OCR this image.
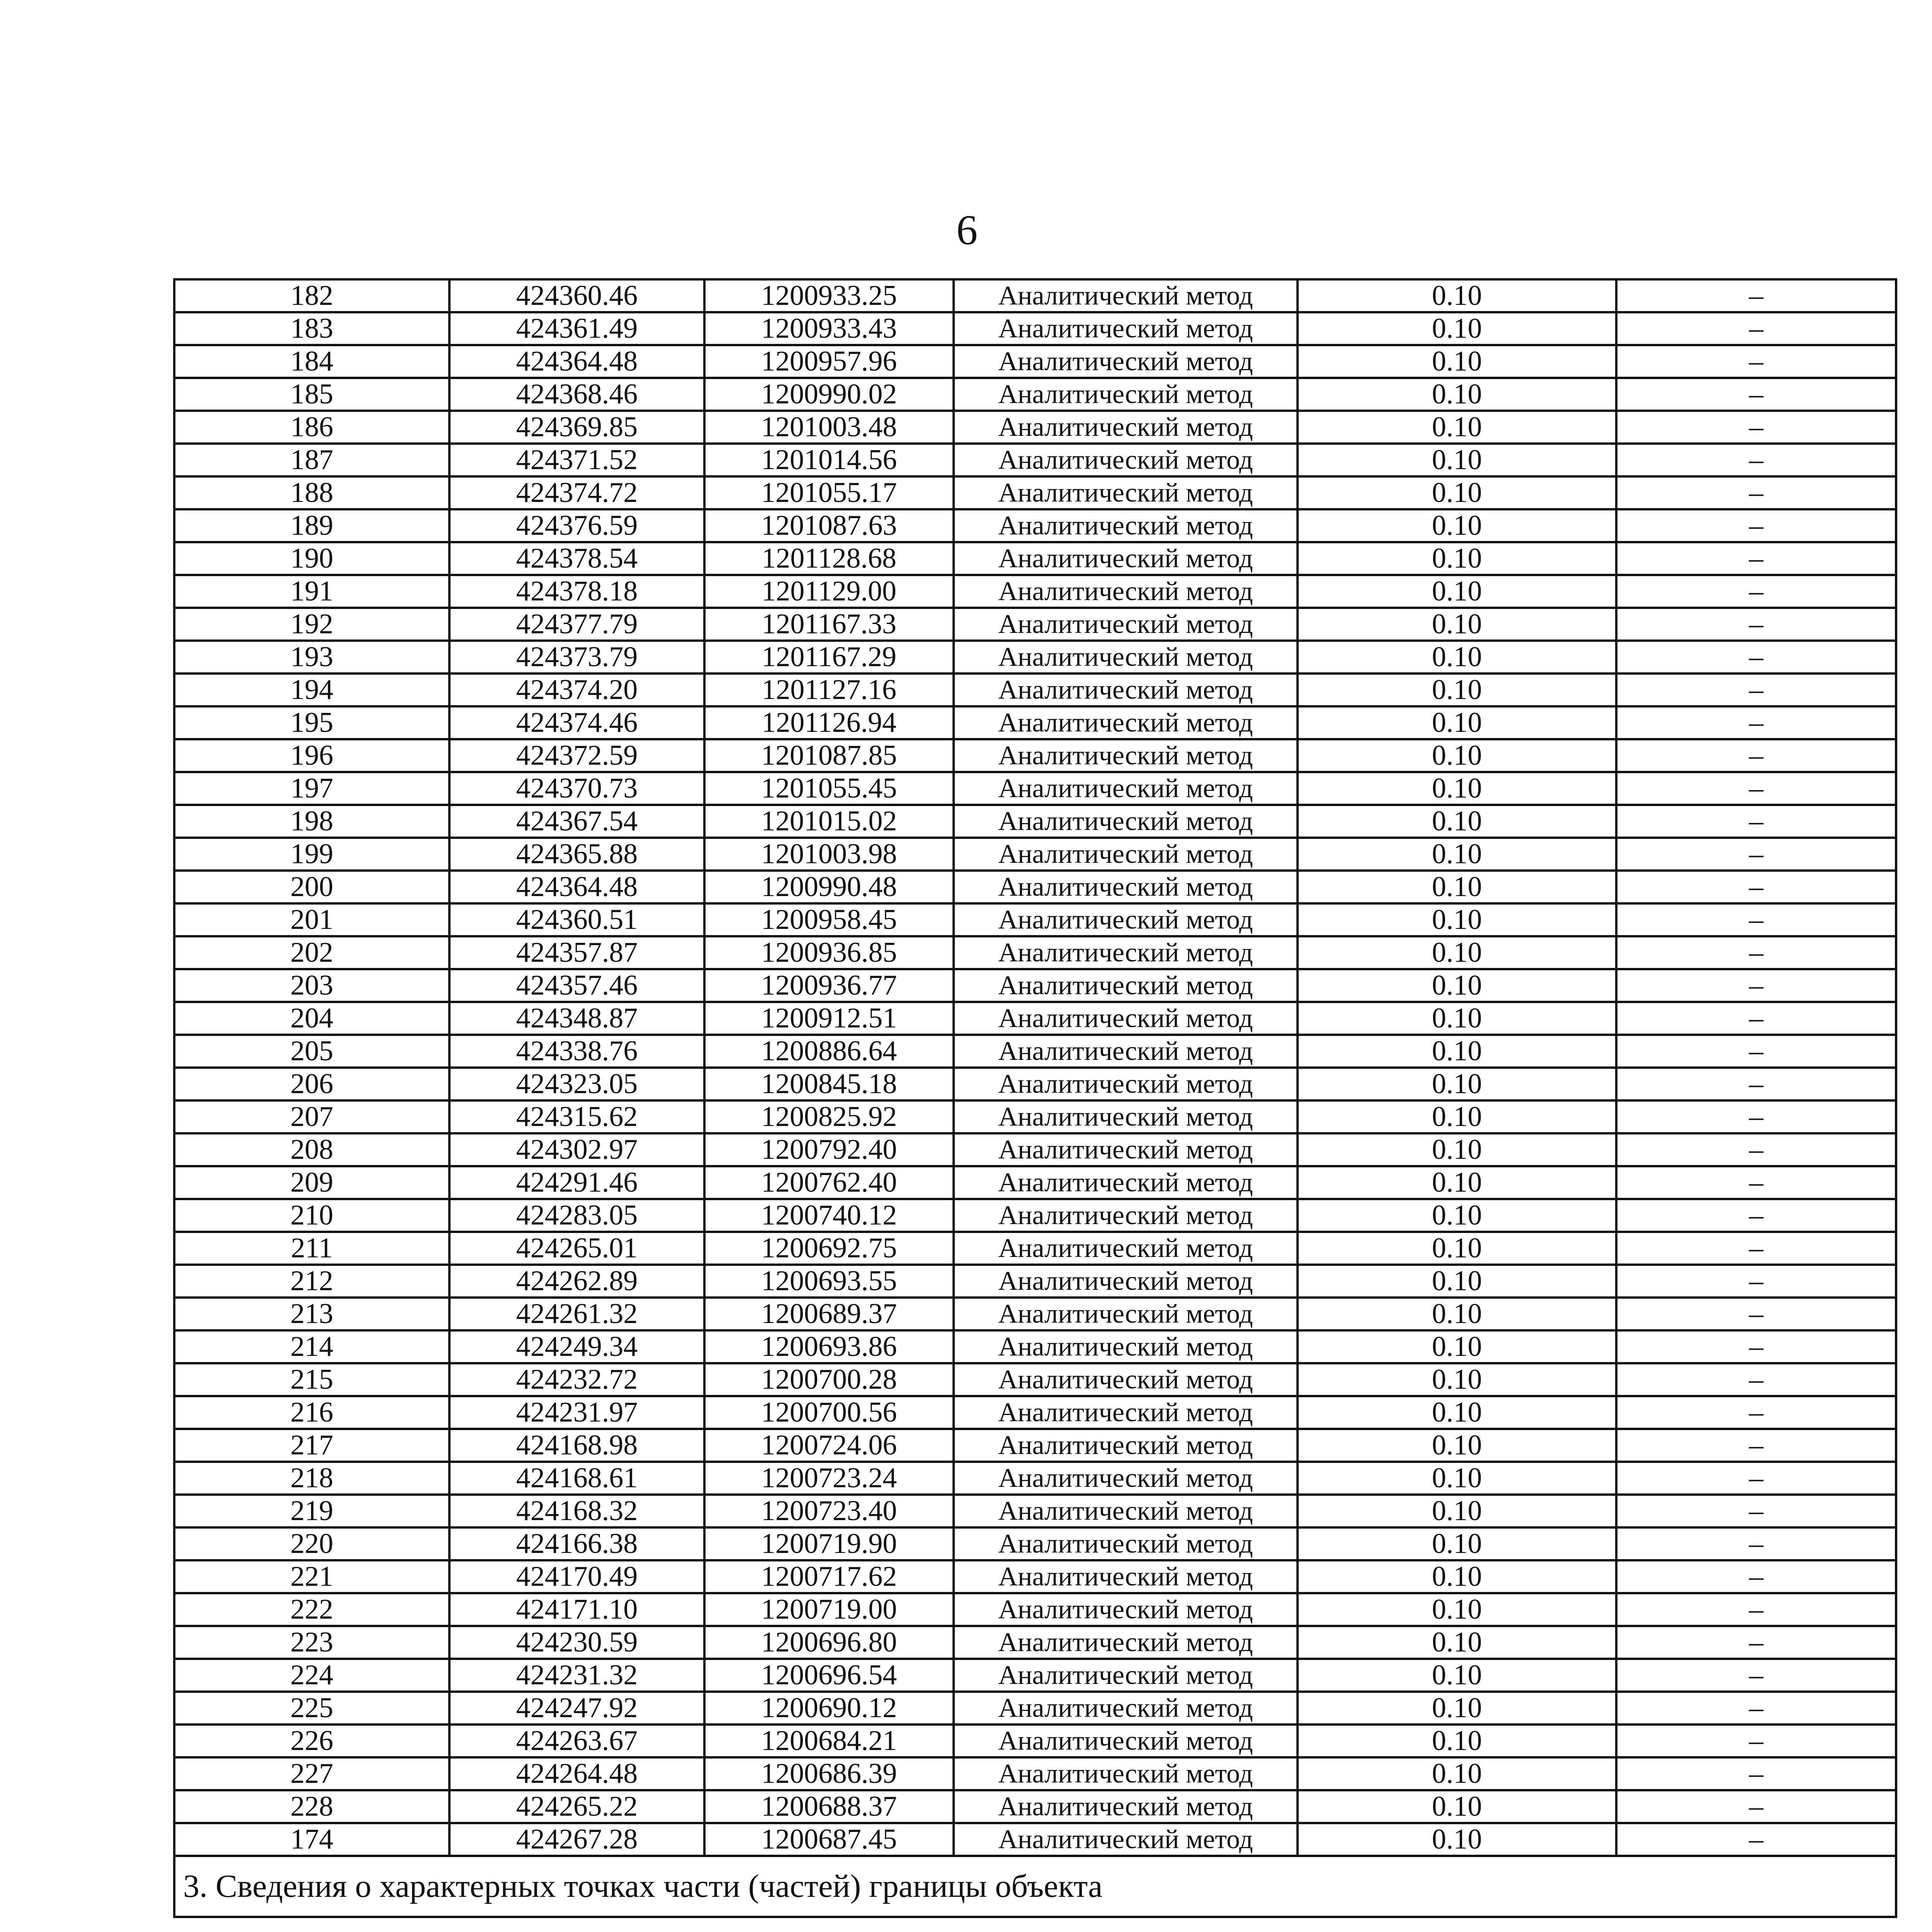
6
182	424360.46	1200933.25	Аналитический метод	0.10	–
183	424361.49	1200933.43	Аналитический метод	0.10	–
184	424364.48	1200957.96	Аналитический метод	0.10	–
185	424368.46	1200990.02	Аналитический метод	0.10	–
186	424369.85	1201003.48	Аналитический метод	0.10	–
187	424371.52	1201014.56	Аналитический метод	0.10	–
188	424374.72	1201055.17	Аналитический метод	0.10	–
189	424376.59	1201087.63	Аналитический метод	0.10	–
190	424378.54	1201128.68	Аналитический метод	0.10	–
191	424378.18	1201129.00	Аналитический метод	0.10	–
192	424377.79	1201167.33	Аналитический метод	0.10	–
193	424373.79	1201167.29	Аналитический метод	0.10	–
194	424374.20	1201127.16	Аналитический метод	0.10	–
195	424374.46	1201126.94	Аналитический метод	0.10	–
196	424372.59	1201087.85	Аналитический метод	0.10	–
197	424370.73	1201055.45	Аналитический метод	0.10	–
198	424367.54	1201015.02	Аналитический метод	0.10	–
199	424365.88	1201003.98	Аналитический метод	0.10	–
200	424364.48	1200990.48	Аналитический метод	0.10	–
201	424360.51	1200958.45	Аналитический метод	0.10	–
202	424357.87	1200936.85	Аналитический метод	0.10	–
203	424357.46	1200936.77	Аналитический метод	0.10	–
204	424348.87	1200912.51	Аналитический метод	0.10	–
205	424338.76	1200886.64	Аналитический метод	0.10	–
206	424323.05	1200845.18	Аналитический метод	0.10	–
207	424315.62	1200825.92	Аналитический метод	0.10	–
208	424302.97	1200792.40	Аналитический метод	0.10	–
209	424291.46	1200762.40	Аналитический метод	0.10	–
210	424283.05	1200740.12	Аналитический метод	0.10	–
211	424265.01	1200692.75	Аналитический метод	0.10	–
212	424262.89	1200693.55	Аналитический метод	0.10	–
213	424261.32	1200689.37	Аналитический метод	0.10	–
214	424249.34	1200693.86	Аналитический метод	0.10	–
215	424232.72	1200700.28	Аналитический метод	0.10	–
216	424231.97	1200700.56	Аналитический метод	0.10	–
217	424168.98	1200724.06	Аналитический метод	0.10	–
218	424168.61	1200723.24	Аналитический метод	0.10	–
219	424168.32	1200723.40	Аналитический метод	0.10	–
220	424166.38	1200719.90	Аналитический метод	0.10	–
221	424170.49	1200717.62	Аналитический метод	0.10	–
222	424171.10	1200719.00	Аналитический метод	0.10	–
223	424230.59	1200696.80	Аналитический метод	0.10	–
224	424231.32	1200696.54	Аналитический метод	0.10	–
225	424247.92	1200690.12	Аналитический метод	0.10	–
226	424263.67	1200684.21	Аналитический метод	0.10	–
227	424264.48	1200686.39	Аналитический метод	0.10	–
228	424265.22	1200688.37	Аналитический метод	0.10	–
174	424267.28	1200687.45	Аналитический метод	0.10	–
3. Сведения о характерных точках части (частей) границы объекта					
